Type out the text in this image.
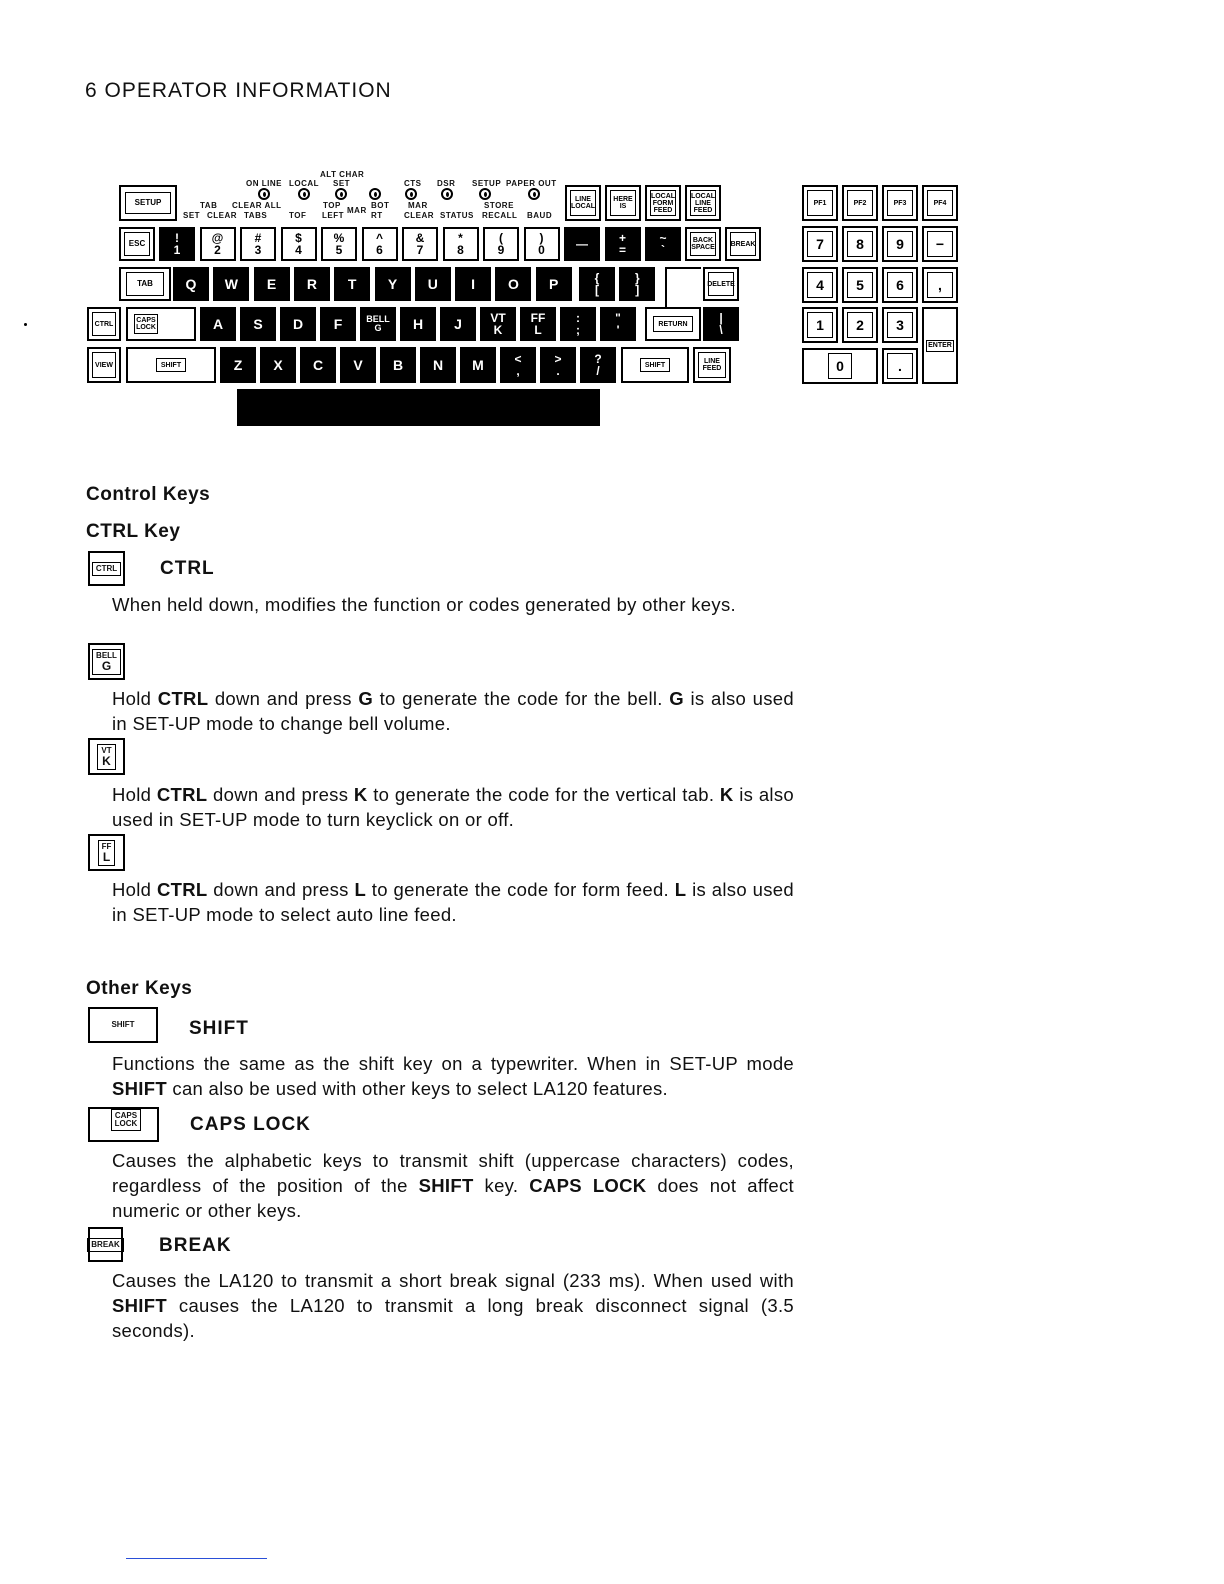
6 OPERATOR INFORMATION
ALT CHAR
ON LINE LOCAL SET	CTS DSR SETUP PAPER OUT
TAB CLEAR ALL	TOP
MAR
BOT MAR	STORE
SET CLEAR TABS	TOF LEFT	RT	CLEAR STATUS RECALL BAUD
SETUP	LINE
LOCAL
HERE
IS
LOCAL
FORM
FEED
LOCAL
LINE
FEED
ESC !
1
@
2
#
3
$
4
%
5
^
6
&
7
*
8
(
9
)
0	—	+
=
~
`
BACK
SPACE BREAK
TAB Q W E R T Y U I O P	{
[
}
]	DELETE
CTRL	CAPS
LOCK	A S D F	BELL
G H J VT
K
FF
L
:
;
"
'	RETURN	|
\
VIEW	SHIFT	Z X C V B N M	<
,
>
.
?
/	SHIFT	LINE
FEED
PF1	PF2	PF3	PF4
7 8 9 −
4 5 6 ,
1 2 3
ENTER
0	.
Control Keys
CTRL Key
CTRL CTRL
When held down, modifies the function or codes generated by other keys.
BELL
G
Hold CTRL down and press G to generate the code for the bell. G is also used in SET-UP mode to change bell volume.
VT
K
Hold CTRL down and press K to generate the code for the vertical tab. K is also used in SET-UP mode to turn keyclick on or off.
FF
L
Hold CTRL down and press L to generate the code for form feed. L is also used in SET-UP mode to select auto line feed.
Other Keys
SHIFT	SHIFT
Functions the same as the shift key on a typewriter. When in SET-UP mode SHIFT can also be used with other keys to select LA120 features.
CAPS
LOCK	CAPS LOCK
Causes the alphabetic keys to transmit shift (uppercase characters) codes, regardless of the position of the SHIFT key. CAPS LOCK does not affect numeric or other keys.
BREAK BREAK
Causes the LA120 to transmit a short break signal (233 ms). When used with SHIFT causes the LA120 to transmit a long break disconnect signal (3.5 seconds).
